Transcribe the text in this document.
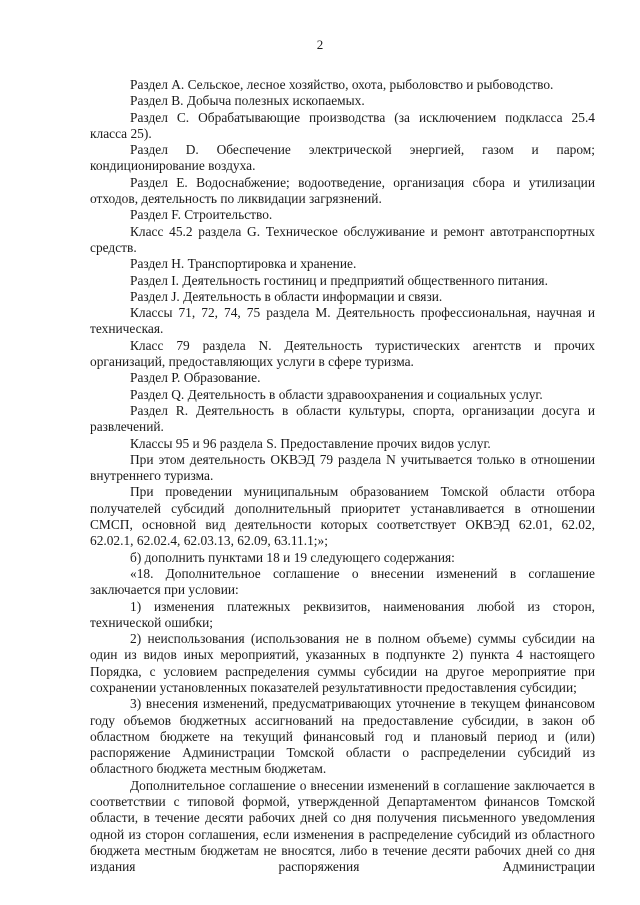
2

Раздел А. Сельское, лесное хозяйство, охота, рыболовство и рыбоводство.

Раздел В. Добыча полезных ископаемых.

Раздел С. Обрабатывающие производства (за исключением подкласса 25.4 класса 25).

Раздел D. Обеспечение электрической энергией, газом и паром; кондиционирование воздуха.

Раздел Е. Водоснабжение; водоотведение, организация сбора и утилизации отходов, деятельность по ликвидации загрязнений.

Раздел F. Строительство.

Класс 45.2 раздела G. Техническое обслуживание и ремонт автотранспортных средств.

Раздел Н. Транспортировка и хранение.

Раздел I. Деятельность гостиниц и предприятий общественного питания.

Раздел J. Деятельность в области информации и связи.

Классы 71, 72, 74, 75 раздела М. Деятельность профессиональная, научная и техническая.

Класс 79 раздела N. Деятельность туристических агентств и прочих организаций, предоставляющих услуги в сфере туризма.

Раздел Р. Образование.

Раздел Q. Деятельность в области здравоохранения и социальных услуг.

Раздел R. Деятельность в области культуры, спорта, организации досуга и развлечений.

Классы 95 и 96 раздела S. Предоставление прочих видов услуг.

При этом деятельность ОКВЭД 79 раздела N учитывается только в отношении внутреннего туризма.

При проведении муниципальным образованием Томской области отбора получателей субсидий дополнительный приоритет устанавливается в отношении СМСП, основной вид деятельности которых соответствует ОКВЭД 62.01, 62.02, 62.02.1, 62.02.4, 62.03.13, 62.09, 63.11.1;»;

б) дополнить пунктами 18 и 19 следующего содержания:

«18. Дополнительное соглашение о внесении изменений в соглашение заключается при условии:

1) изменения платежных реквизитов, наименования любой из сторон, технической ошибки;

2) неиспользования (использования не в полном объеме) суммы субсидии на один из видов иных мероприятий, указанных в подпункте 2) пункта 4 настоящего Порядка, с условием распределения суммы субсидии на другое мероприятие при сохранении установленных показателей результативности предоставления субсидии;

3) внесения изменений, предусматривающих уточнение в текущем финансовом году объемов бюджетных ассигнований на предоставление субсидии, в закон об областном бюджете на текущий финансовый год и плановый период и (или) распоряжение Администрации Томской области о распределении субсидий из областного бюджета местным бюджетам.

Дополнительное соглашение о внесении изменений в соглашение заключается в соответствии с типовой формой, утвержденной Департаментом финансов Томской области, в течение десяти рабочих дней со дня получения письменного уведомления одной из сторон соглашения, если изменения в распределение субсидий из областного бюджета местным бюджетам не вносятся, либо в течение десяти рабочих дней со дня издания распоряжения Администрации
